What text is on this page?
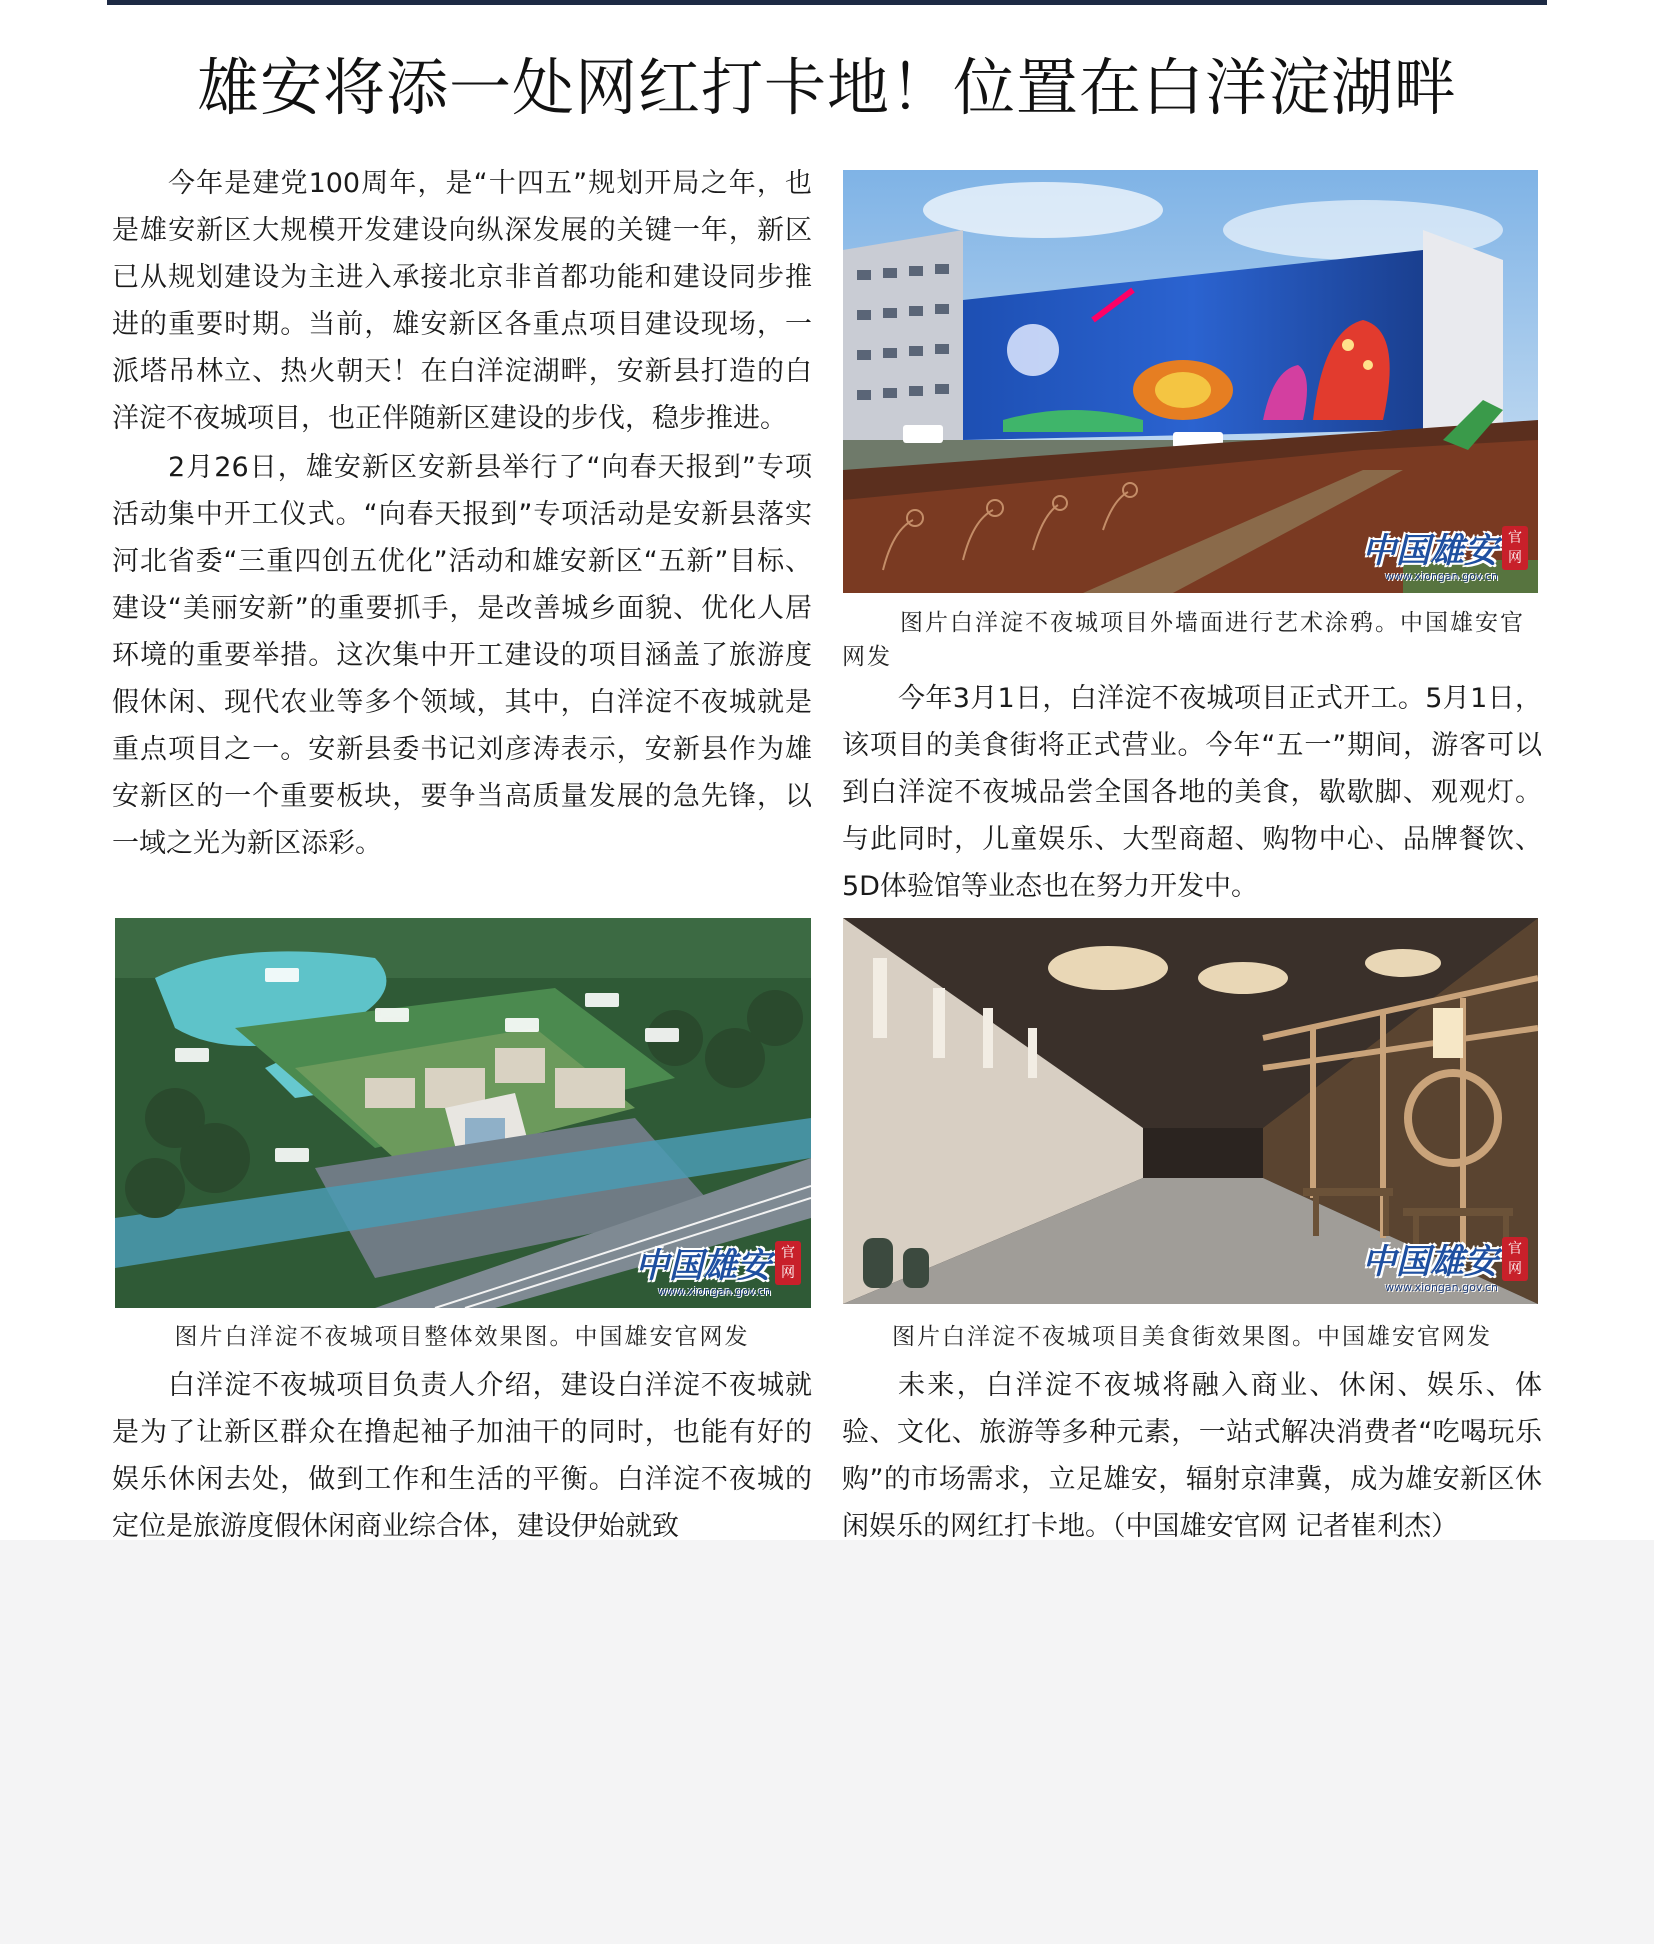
雄安将添一处网红打卡地！位置在白洋淀湖畔

今年是建党100周年，是“十四五”规划开局之年，也是雄安新区大规模开发建设向纵深发展的关键一年，新区已从规划建设为主进入承接北京非首都功能和建设同步推进的重要时期。当前，雄安新区各重点项目建设现场，一派塔吊林立、热火朝天！在白洋淀湖畔，安新县打造的白洋淀不夜城项目，也正伴随新区建设的步伐，稳步推进。

2月26日，雄安新区安新县举行了“向春天报到”专项活动集中开工仪式。“向春天报到”专项活动是安新县落实河北省委“三重四创五优化”活动和雄安新区“五新”目标、建设“美丽安新”的重要抓手，是改善城乡面貌、优化人居环境的重要举措。这次集中开工建设的项目涵盖了旅游度假休闲、现代农业等多个领域，其中，白洋淀不夜城就是重点项目之一。安新县委书记刘彦涛表示，安新县作为雄安新区的一个重要板块，要争当高质量发展的急先锋，以一域之光为新区添彩。

中国雄安 官网
www.xiongan.gov.cn
图片白洋淀不夜城项目外墙面进行艺术涂鸦。中国雄安官网发

今年3月1日，白洋淀不夜城项目正式开工。5月1日，该项目的美食街将正式营业。今年“五一”期间，游客可以到白洋淀不夜城品尝全国各地的美食，歇歇脚、观观灯。与此同时，儿童娱乐、大型商超、购物中心、品牌餐饮、5D体验馆等业态也在努力开发中。

中国雄安 官网
www.xiongan.gov.cn
中国雄安 官网
www.xiongan.gov.cn
图片白洋淀不夜城项目整体效果图。中国雄安官网发	图片白洋淀不夜城项目美食街效果图。中国雄安官网发

白洋淀不夜城项目负责人介绍，建设白洋淀不夜城就是为了让新区群众在撸起袖子加油干的同时，也能有好的娱乐休闲去处，做到工作和生活的平衡。白洋淀不夜城的定位是旅游度假休闲商业综合体，建设伊始就致

未来，白洋淀不夜城将融入商业、休闲、娱乐、体验、文化、旅游等多种元素，一站式解决消费者“吃喝玩乐购”的市场需求，立足雄安，辐射京津冀，成为雄安新区休闲娱乐的网红打卡地。（中国雄安官网 记者崔利杰）
